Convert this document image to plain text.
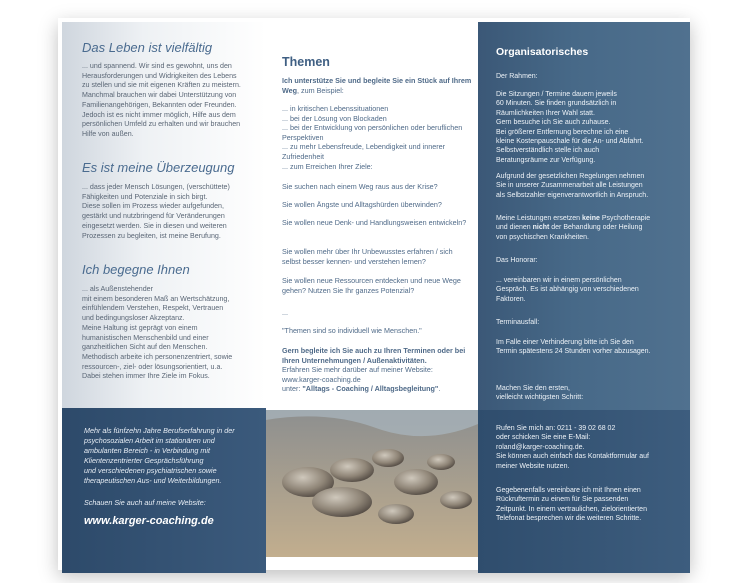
Das Leben ist vielfältig

... und spannend. Wir sind es gewohnt, uns den

Herausforderungen und Widrigkeiten des Lebens

zu stellen und sie mit eigenen Kräften zu meistern.

Manchmal brauchen wir dabei Unterstützung von

Familienangehörigen, Bekannten oder Freunden.

Jedoch ist es nicht immer möglich, Hilfe aus dem

persönlichen Umfeld zu erhalten und wir brauchen

Hilfe von außen.

Es ist meine Überzeugung

... dass jeder Mensch Lösungen, (verschüttete)

Fähigkeiten und Potenziale in sich birgt.

Diese sollen im Prozess wieder aufgefunden,

gestärkt und nutzbringend für Veränderungen

eingesetzt werden. Sie in diesen und weiteren

Prozessen zu begleiten, ist meine Berufung.

Ich begegne Ihnen

... als Außenstehender

mit einem besonderen Maß an Wertschätzung,

einfühlendem Verstehen, Respekt, Vertrauen

und bedingungsloser Akzeptanz.

Meine Haltung ist geprägt von einem

humanistischen Menschenbild und einer

ganzheitlichen Sicht auf den Menschen.

Methodisch arbeite ich personenzentriert, sowie

ressourcen-, ziel- oder lösungsorientiert, u.a.

Dabei stehen immer Ihre Ziele im Fokus.

Mehr als fünfzehn Jahre Berufserfahrung in der

psychosozialen Arbeit im stationären und

ambulanten Bereich - in Verbindung mit

Klientenzentrierter Gesprächsführung

und verschiedenen psychiatrischen sowie

therapeutischen Aus- und Weiterbildungen.

Schauen Sie auch auf meine Website:
www.karger-coaching.de
Themen
Ich unterstütze Sie und begleite Sie ein Stück auf Ihrem Weg, zum Beispiel:

... in kritischen Lebenssituationen

... bei der Lösung von Blockaden

... bei der Entwicklung von persönlichen oder beruflichen Perspektiven

... zu mehr Lebensfreude, Lebendigkeit und innerer Zufriedenheit

... zum Erreichen Ihrer Ziele:

Sie suchen nach einem Weg raus aus der Krise?
Sie wollen Ängste und Alltagshürden überwinden?
Sie wollen neue Denk- und Handlungsweisen entwickeln?
Sie wollen mehr über Ihr Unbewusstes erfahren / sich selbst besser kennen- und verstehen lernen?
Sie wollen neue Ressourcen entdecken und neue Wege gehen? Nutzen Sie Ihr ganzes Potenzial?
...
"Themen sind so individuell wie Menschen."

Gern begleite ich Sie auch zu Ihren Terminen oder bei Ihren Unternehmungen / Außenaktivitäten.

Erfahren Sie mehr darüber auf meiner Website:

www.karger-coaching.de

unter: "Alltags - Coaching / Alltagsbegleitung".

Organisatorisches
Der Rahmen:

Die Sitzungen / Termine dauern jeweils

60 Minuten. Sie finden grundsätzlich in

Räumlichkeiten Ihrer Wahl statt.

Gern besuche ich Sie auch zuhause.

Bei größerer Entfernung berechne ich eine

kleine Kostenpauschale für die An- und Abfahrt.

Selbstverständlich stelle ich auch

Beratungsräume zur Verfügung.

Aufgrund der gesetzlichen Regelungen nehmen

Sie in unserer Zusammenarbeit alle Leistungen

als Selbstzahler eigenverantwortlich in Anspruch.

Meine Leistungen ersetzen keine Psychotherapie

und dienen nicht der Behandlung oder Heilung

von psychischen Krankheiten.

Das Honorar:

... vereinbaren wir in einem persönlichen

Gespräch. Es ist abhängig von verschiedenen

Faktoren.

Terminausfall:

Im Falle einer Verhinderung bitte ich Sie den

Termin spätestens 24 Stunden vorher abzusagen.

Machen Sie den ersten,

vielleicht wichtigsten Schritt:

Rufen Sie mich an: 0211 - 39 02 68 02

oder schicken Sie eine E-Mail:

roland@karger-coaching.de.

Sie können auch einfach das Kontaktformular auf

meiner Website nutzen.

Gegebenenfalls vereinbare ich mit Ihnen einen

Rückruftermin zu einem für Sie passenden

Zeitpunkt. In einem vertraulichen, zielorientierten

Telefonat besprechen wir die weiteren Schritte.
